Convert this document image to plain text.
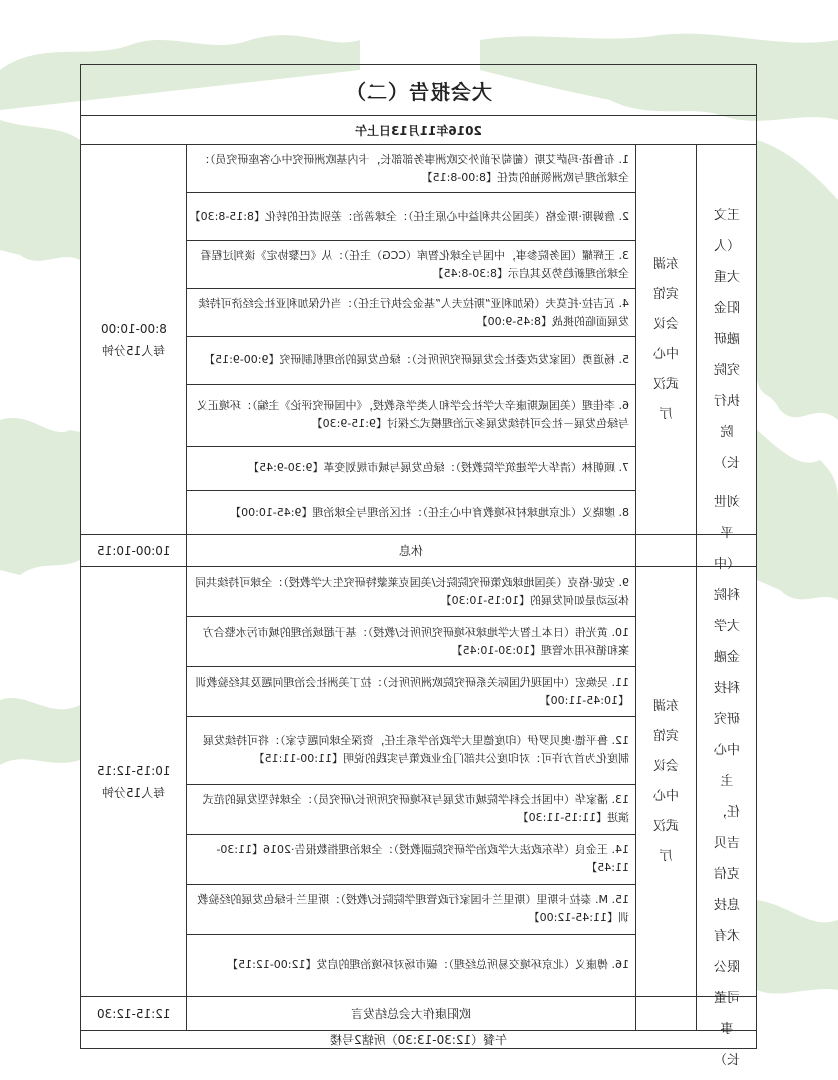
大会报告（二）
2016年11月13日上午
8:00-10:00
每人15分钟
1. 布鲁诺·玛萨艾斯（葡萄牙前外交欧洲事务部部长，卡内基欧洲研究中心客座研究员）：全球治理与欧洲领袖的责任【8:00-8:15】
2. 詹姆斯·斯金格（美国公共利益中心原主任）：全球善治：差别责任的转化【8:15-8:30】
3. 王辉耀（国务院参事，中国与全球化智库（CCG）主任）：从《巴黎协定》谈判过程看全球治理新趋势及其启示【8:30-8:45】
4. 瓦吉拉·托莫夫（保加利亚“斯拉夫人”基金会执行主任）：当代保加利亚社会经济可持续发展面临的挑战【8:45-9:00】
5. 杨道勇（国家发改委社会发展研究所所长）：绿色发展的治理机制研究【9:00-9:15】
6. 李佳理（美国威斯康辛大学社会学和人类学系教授，《中国研究评论》主编）：环境正义与绿色发展－社会可持续发展多元治理模式之探讨【9:15-9:30】
7. 顾朝林（清华大学建筑学院教授）：绿色发展与城市规划变革【9:30-9:45】
8. 廖晓义（北京地球村环境教育中心主任）：社区治理与全球治理【9:45-10:00】
东湖宾馆会议中心武汉厅
王文（人大重阳金融研究院执行院长）
10:00-10:15	休息
10:15-12:15
每人15分钟
9. 安妮·格克（美国地球政策研究院院长/美国克莱蒙特研究生大学教授）：全球可持续共同体运动是如何发展的【10:15-10:30】
10. 黄光伟（日本上智大学地球环境研究所所长/教授）：基于超域治理的城市污水整合方案和循环用水管理【10:30-10:45】
11. 吴焕宏（中国现代国际关系研究院欧洲所所长）：拉丁美洲社会治理问题及其经验教训【10:45-11:00】
12. 鲁平德·奥贝罗伊（印度德里大学政治学系主任，资深全球问题专家）：将可持续发展制度化为首方许可：对印度公共部门企业政策与实践的说明【11:00-11:15】
13. 潘家华（中国社会科学院城市发展与环境研究所所长/研究员）：全球转型发展的范式演进【11:15-11:30】
14. 王金良（华东政法大学政治学研究院副教授）：全球治理指数报告·2016【11:30-11:45】
15. M. 泰拉卡斯里（斯里兰卡国家行政管理学院院长/教授）：斯里兰卡绿色发展的经验教训【11:45-12:00】
16. 傅康义（北京环境交易所总经理）：碳市场对环境治理的启发【12:00-12:15】
东湖宾馆会议中心武汉厅
刘世平（中科院大学金融科技研究中心主任，吉贝克信息技术有限公司董事长）
12:15-12:30	欧阳康作大会总结发言
午餐（12:30-13:30）所辖2号楼
